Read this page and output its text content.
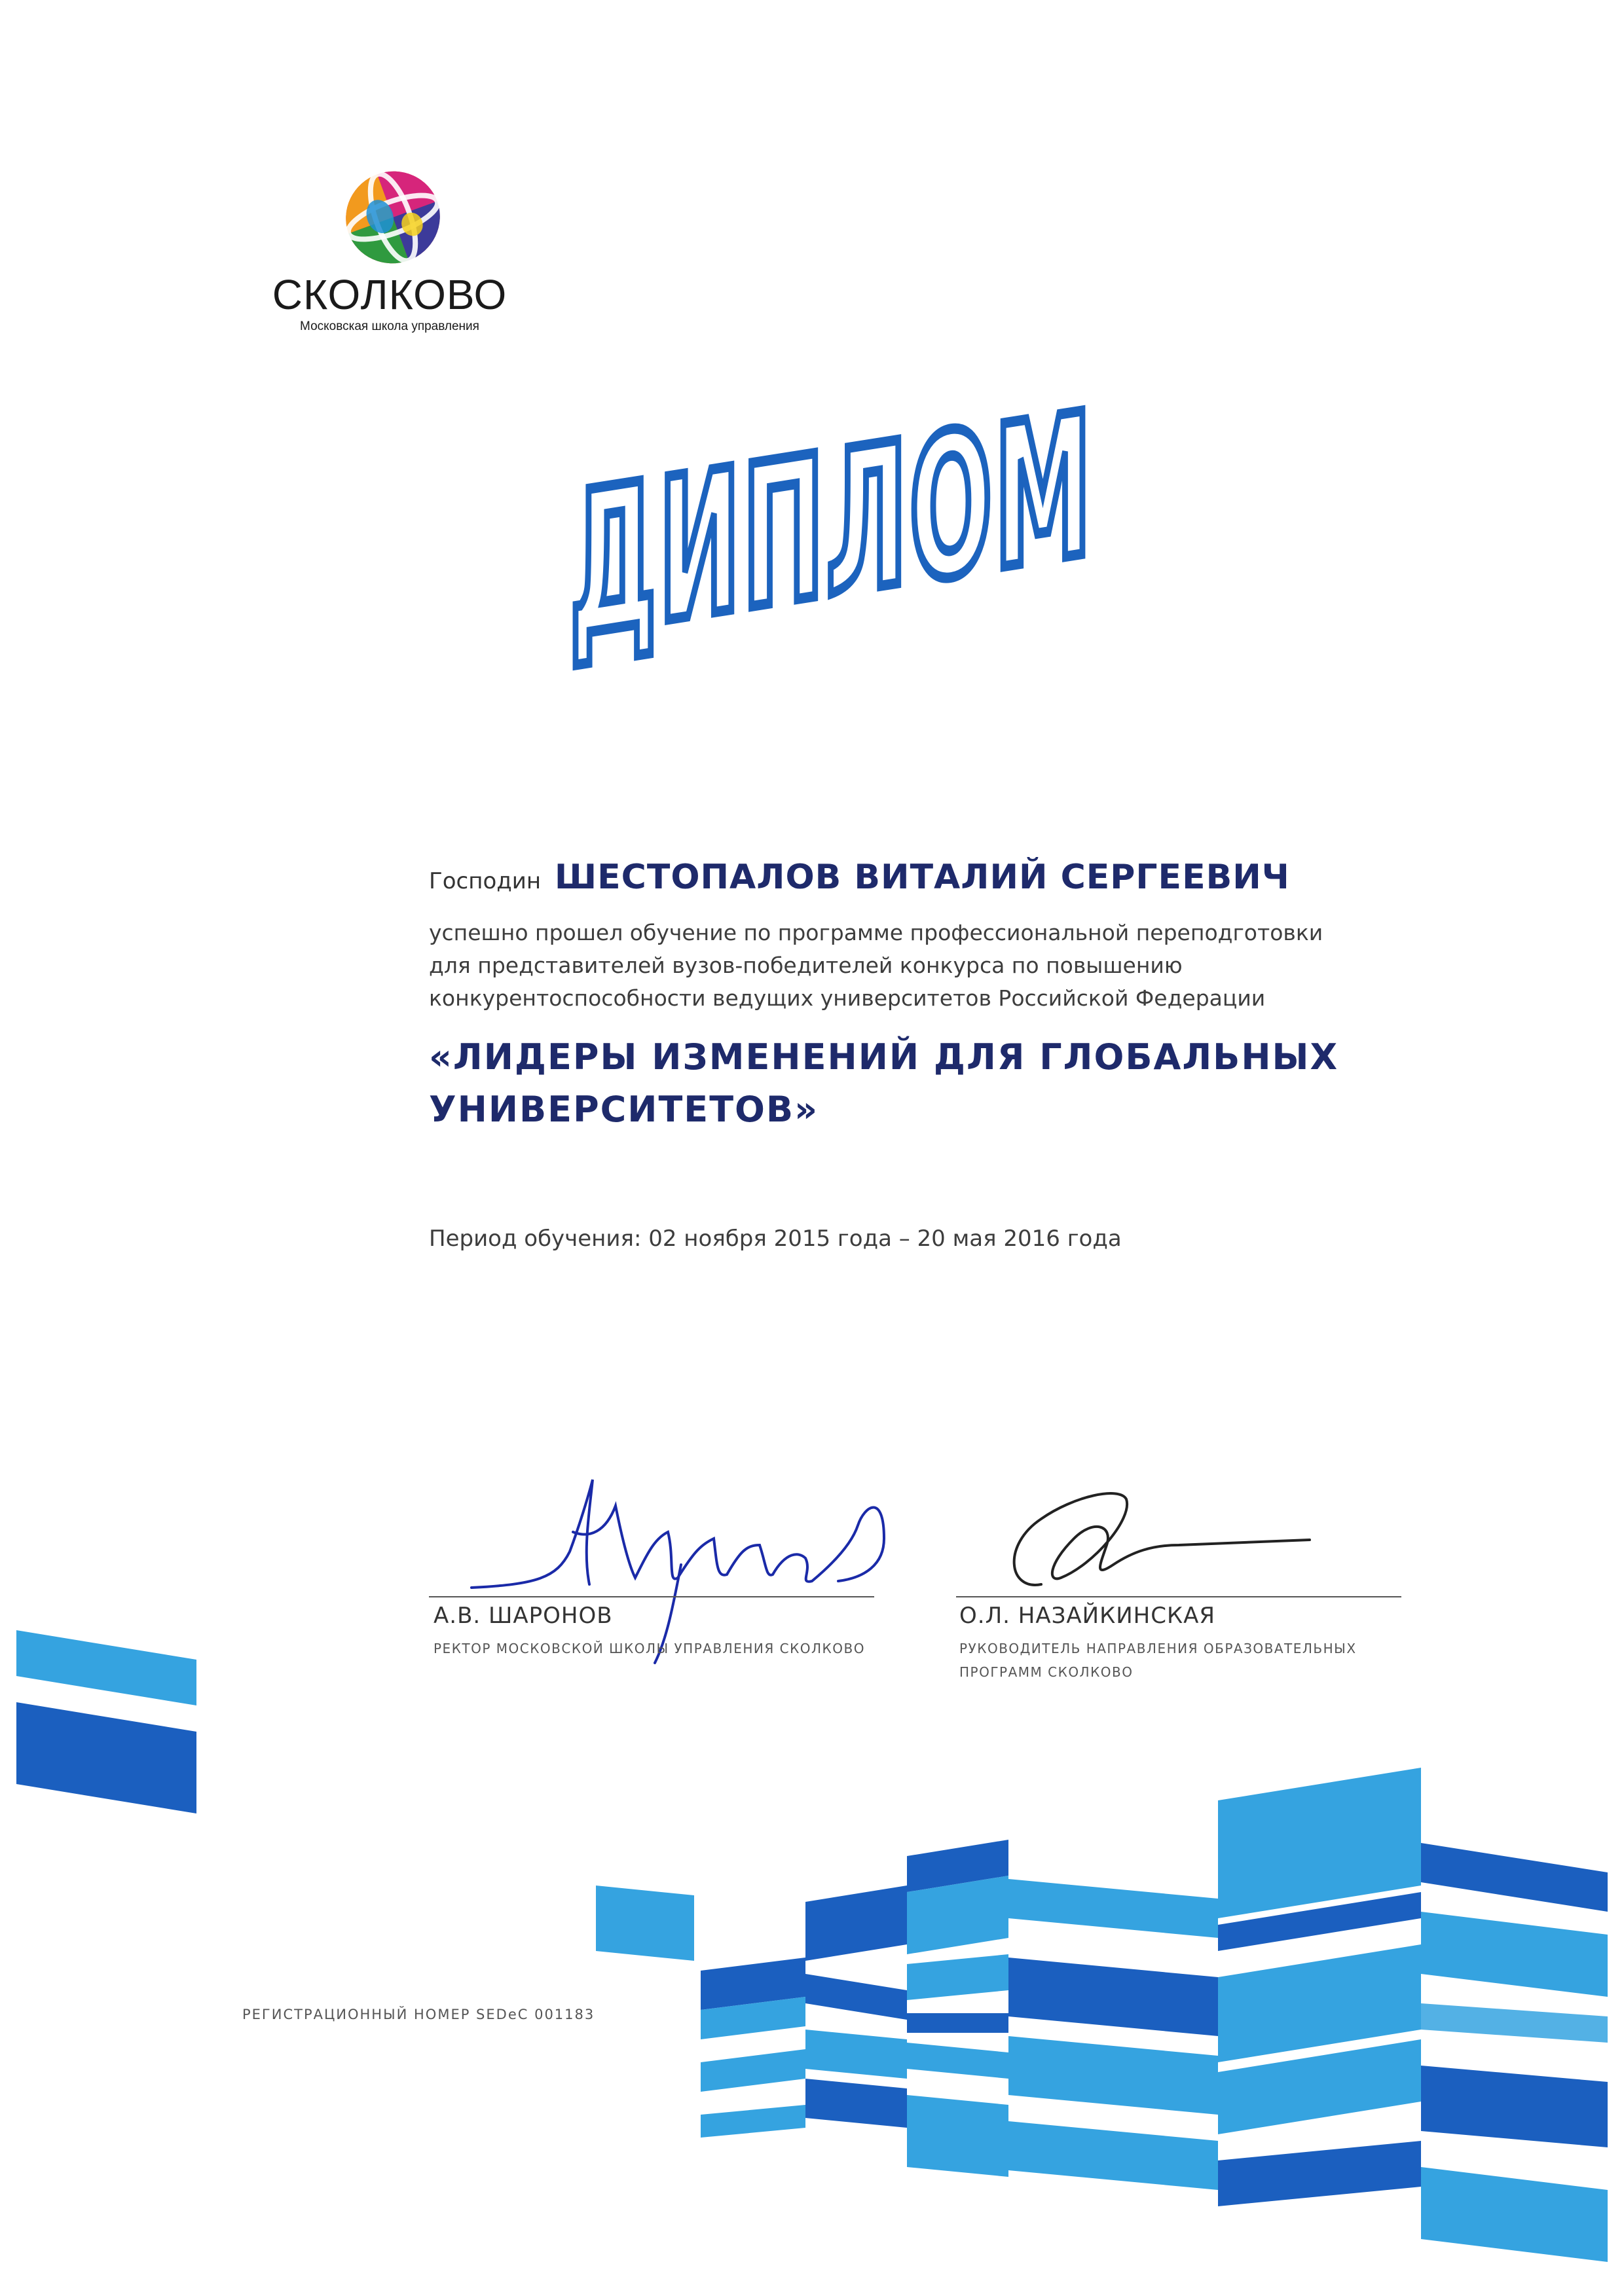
СКОЛКОВО
Московская школа управления ДИПЛОМ
Господин ШЕСТОПАЛОВ ВИТАЛИЙ СЕРГЕЕВИЧ
успешно прошел обучение по программе профессиональной переподготовки
для представителей вузов-победителей конкурса по повышению
конкурентоспособности ведущих университетов Российской Федерации
«ЛИДЕРЫ ИЗМЕНЕНИЙ ДЛЯ ГЛОБАЛЬНЫХ
УНИВЕРСИТЕТОВ»
Период обучения: 02 ноября 2015 года – 20 мая 2016 года
А.В. ШАРОНОВ
РЕКТОР МОСКОВСКОЙ ШКОЛЫ УПРАВЛЕНИЯ СКОЛКОВО
О.Л. НАЗАЙКИНСКАЯ
РУКОВОДИТЕЛЬ НАПРАВЛЕНИЯ ОБРАЗОВАТЕЛЬНЫХ
ПРОГРАММ СКОЛКОВО
РЕГИСТРАЦИОННЫЙ НОМЕР SEDeC 001183
